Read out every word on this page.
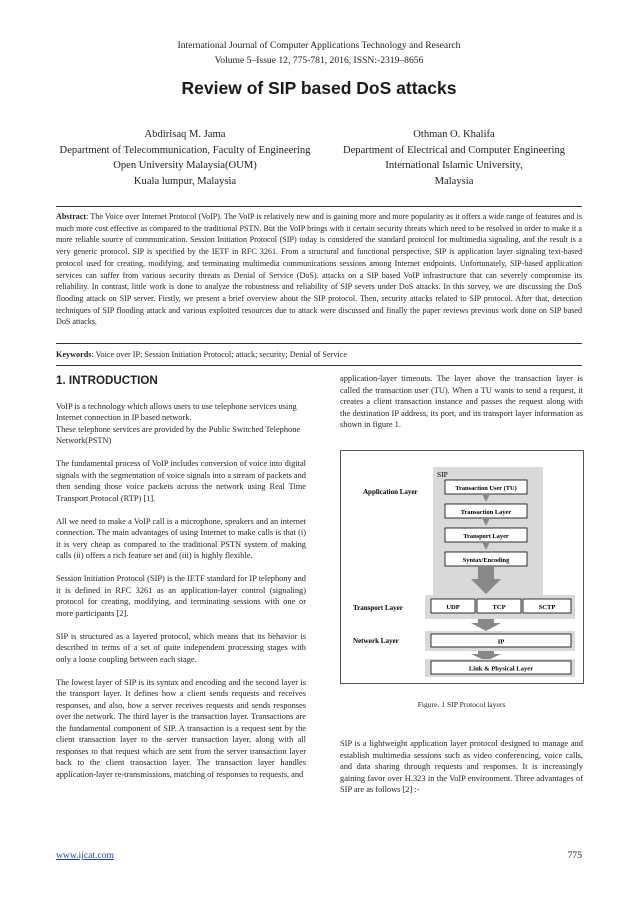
International Journal of Computer Applications Technology and Research
Volume 5–Issue 12, 775-781, 2016, ISSN:-2319–8656
Review of SIP based DoS attacks
Abdirisaq M. Jama
Department of Telecommunication, Faculty of Engineering
Open University Malaysia(OUM)
Kuala lumpur, Malaysia
Othman O. Khalifa
Department of Electrical and Computer Engineering
International Islamic University,
Malaysia
Abstract: The Voice over Internet Protocol (VoIP). The VoIP is relatively new and is gaining more and more popularity as it offers a wide range of features and is much more cost effective as compared to the traditional PSTN. But the VoIP brings with it certain security threats which need to be resolved in order to make it a more reliable source of communication. Session Initiation Protocol (SIP) today is considered the standard protocol for multimedia signaling, and the result is a very generic protocol. SIP is specified by the IETF in RFC 3261. From a structural and functional perspective, SIP is application layer signaling text-based protocol used for creating, modifying, and terminating multimedia communications sessions among Internet endpoints. Unfortunately, SIP-based application services can suffer from various security threats as Denial of Service (DoS). attacks on a SIP based VoIP infrastructure that can severely compromise its reliability. In contrast, little work is done to analyze the robustness and reliability of SIP severs under DoS attacks. In this survey, we are discussing the DoS flooding attack on SIP server. Firstly, we present a brief overview about the SIP protocol. Then, security attacks related to SIP protocol. After that, detection techniques of SIP flooding attack and various exploited resources due to attack were discussed and finally the paper reviews previous work done on SIP based DoS attacks.
Keywords: Voice over IP; Session Initiation Protocol; attack; security; Denial of Service
1. INTRODUCTION

VoIP is a technology which allows users to use telephone services using Internet connection in IP based network.
These telephone services are provided by the Public Switched Telephone Network(PSTN)

The fundamental process of VoIP includes conversion of voice into digital signals with the segmentation of voice signals into a stream of packets and then sending those voice packets across the network using Real Time Transport Protocol (RTP) [1].

All we need to make a VoIP call is a microphone, speakers and an internet connection. The main advantages of using Internet to make calls is that (i) it is very cheap as compared to the traditional PSTN system of making calls (ii) offers a rich feature set and (iii) is highly flexible.

Session Initiation Protocol (SIP) is the IETF standard for IP telephony and it is defined in RFC 3261 as an application-layer control (signaling) protocol for creating, modifying, and terminating sessions with one or more participants [2].

SIP is structured as a layered protocol, which means that its behavior is described in terms of a set of quite independent processing stages with only a loose coupling between each stage.

The lowest layer of SIP is its syntax and encoding and the second layer is the transport layer. It defines how a client sends requests and receives responses, and also, how a server receives requests and sends responses over the network. The third layer is the transaction layer. Transactions are the fundamental component of SIP. A transaction is a request sent by the client transaction layer to the server transaction layer, along with all responses to that request which are sent from the server transaction layer back to the client transaction layer. The transaction layer handles application-layer re-transmissions, matching of responses to requests, and

application-layer timeouts. The layer above the transaction layer is called the transaction user (TU). When a TU wants to send a request, it creates a client transaction instance and passes the request along with the destination IP address, its port, and its transport layer information as shown in figure 1.

SIP
Application Layer	Transaction User (TU)
Transaction Layer
Transport Layer
Syntax/Encoding
Transport Layer	UDP	TCP	SCTP
Network Layer	IP
Link & Physical Layer
Figure. 1 SIP Protocol layers

SIP is a lightweight application layer protocol designed to manage and establish multimedia sessions such as video conferencing, voice calls, and data sharing through requests and responses. It is increasingly gaining favor over H.323 in the VoIP environment. Three advantages of SIP are as follows [2] :-

www.ijcat.com	775
